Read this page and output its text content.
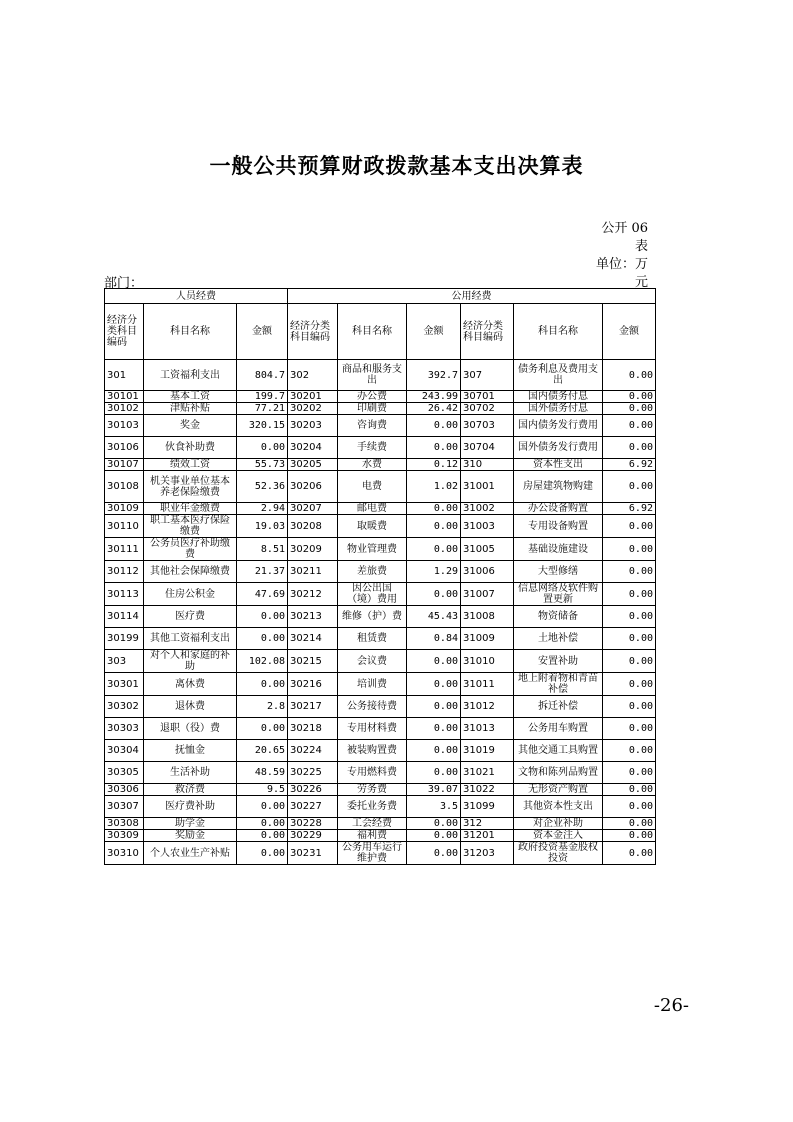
一般公共预算财政拨款基本支出决算表
公开 06
表
单位：万
元
部门：
人员经费			公用经费					
经济分类科目编码	科目名称	金额	经济分类科目编码	科目名称	金额	经济分类科目编码	科目名称	金额
301	工资福利支出	804.7	302	商品和服务支出	392.7	307	债务利息及费用支出	0.00
30101	基本工资	199.7	30201	办公费	243.99	30701	国内债务付息	0.00
30102	津贴补贴	77.21	30202	印刷费	26.42	30702	国外债务付息	0.00
30103	奖金	320.15	30203	咨询费	0.00	30703	国内债务发行费用	0.00
30106	伙食补助费	0.00	30204	手续费	0.00	30704	国外债务发行费用	0.00
30107	绩效工资	55.73	30205	水费	0.12	310	资本性支出	6.92
30108	机关事业单位基本养老保险缴费	52.36	30206	电费	1.02	31001	房屋建筑物购建	0.00
30109	职业年金缴费	2.94	30207	邮电费	0.00	31002	办公设备购置	6.92
30110	职工基本医疗保险缴费	19.03	30208	取暖费	0.00	31003	专用设备购置	0.00
30111	公务员医疗补助缴费	8.51	30209	物业管理费	0.00	31005	基础设施建设	0.00
30112	其他社会保障缴费	21.37	30211	差旅费	1.29	31006	大型修缮	0.00
30113	住房公积金	47.69	30212	因公出国（境）费用	0.00	31007	信息网络及软件购置更新	0.00
30114	医疗费	0.00	30213	维修（护）费	45.43	31008	物资储备	0.00
30199	其他工资福利支出	0.00	30214	租赁费	0.84	31009	土地补偿	0.00
303	对个人和家庭的补助	102.08	30215	会议费	0.00	31010	安置补助	0.00
30301	离休费	0.00	30216	培训费	0.00	31011	地上附着物和青苗补偿	0.00
30302	退休费	2.8	30217	公务接待费	0.00	31012	拆迁补偿	0.00
30303	退职（役）费	0.00	30218	专用材料费	0.00	31013	公务用车购置	0.00
30304	抚恤金	20.65	30224	被装购置费	0.00	31019	其他交通工具购置	0.00
30305	生活补助	48.59	30225	专用燃料费	0.00	31021	文物和陈列品购置	0.00
30306	救济费	9.5	30226	劳务费	39.07	31022	无形资产购置	0.00
30307	医疗费补助	0.00	30227	委托业务费	3.5	31099	其他资本性支出	0.00
30308	助学金	0.00	30228	工会经费	0.00	312	对企业补助	0.00
30309	奖励金	0.00	30229	福利费	0.00	31201	资本金注入	0.00
30310	个人农业生产补贴	0.00	30231	公务用车运行维护费	0.00	31203	政府投资基金股权投资	0.00
-26-
